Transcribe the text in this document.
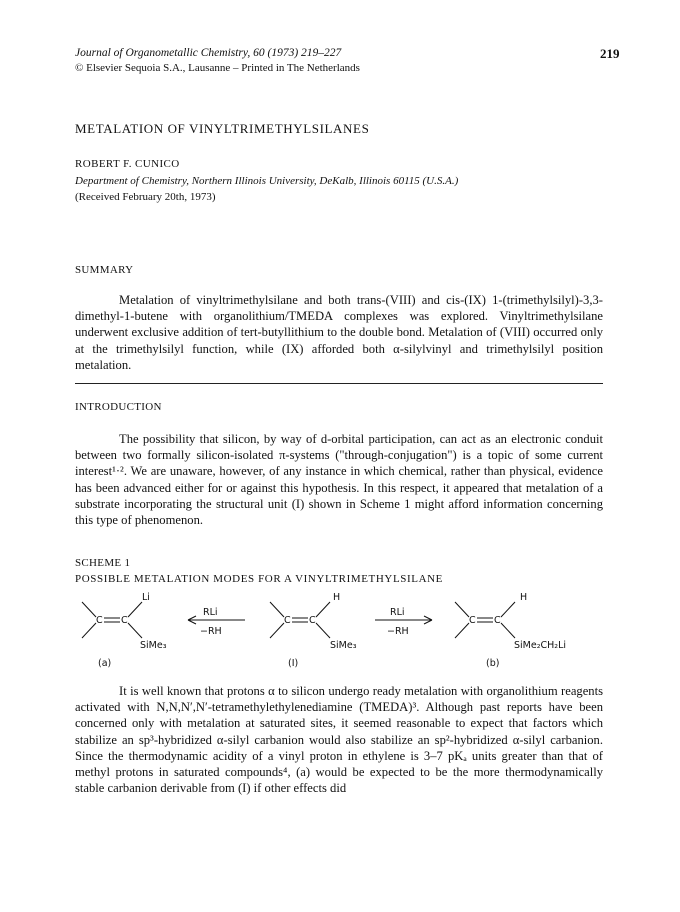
Journal of Organometallic Chemistry, 60 (1973) 219–227
© Elsevier Sequoia S.A., Lausanne – Printed in The Netherlands
219
METALATION OF VINYLTRIMETHYLSILANES
ROBERT F. CUNICO
Department of Chemistry, Northern Illinois University, DeKalb, Illinois 60115 (U.S.A.)
(Received February 20th, 1973)
SUMMARY

Metalation of vinyltrimethylsilane and both trans-(VIII) and cis-(IX) 1-(trimethylsilyl)-3,3-dimethyl-1-butene with organolithium/TMEDA complexes was explored. Vinyltrimethylsilane underwent exclusive addition of tert-butyllithium to the double bond. Metalation of (VIII) occurred only at the trimethylsilyl function, while (IX) afforded both α-silylvinyl and trimethylsilyl position metalation.

INTRODUCTION

The possibility that silicon, by way of d-orbital participation, can act as an electronic conduit between two formally silicon-isolated π-systems ("through-conjugation") is a topic of some current interest¹·². We are unaware, however, of any instance in which chemical, rather than physical, evidence has been advanced either for or against this hypothesis. In this respect, it appeared that metalation of a substrate incorporating the structural unit (I) shown in Scheme 1 might afford information concerning this type of phenomenon.

SCHEME 1
POSSIBLE METALATION MODES FOR A VINYLTRIMETHYLSILANE
C C
Li
SiMe₃
(a)
RLi
−RH
C C
H
SiMe₃
(I)
RLi
−RH
C C
H
SiMe₂CH₂Li
(b)

It is well known that protons α to silicon undergo ready metalation with organolithium reagents activated with N,N,N′,N′-tetramethylethylenediamine (TMEDA)³. Although past reports have been concerned only with metalation at saturated sites, it seemed reasonable to expect that factors which stabilize an sp³-hybridized α-silyl carbanion would also stabilize an sp²-hybridized α-silyl carbanion. Since the thermodynamic acidity of a vinyl proton in ethylene is 3–7 pKₐ units greater than that of methyl protons in saturated compounds⁴, (a) would be expected to be the more thermodynamically stable carbanion derivable from (I) if other effects did
